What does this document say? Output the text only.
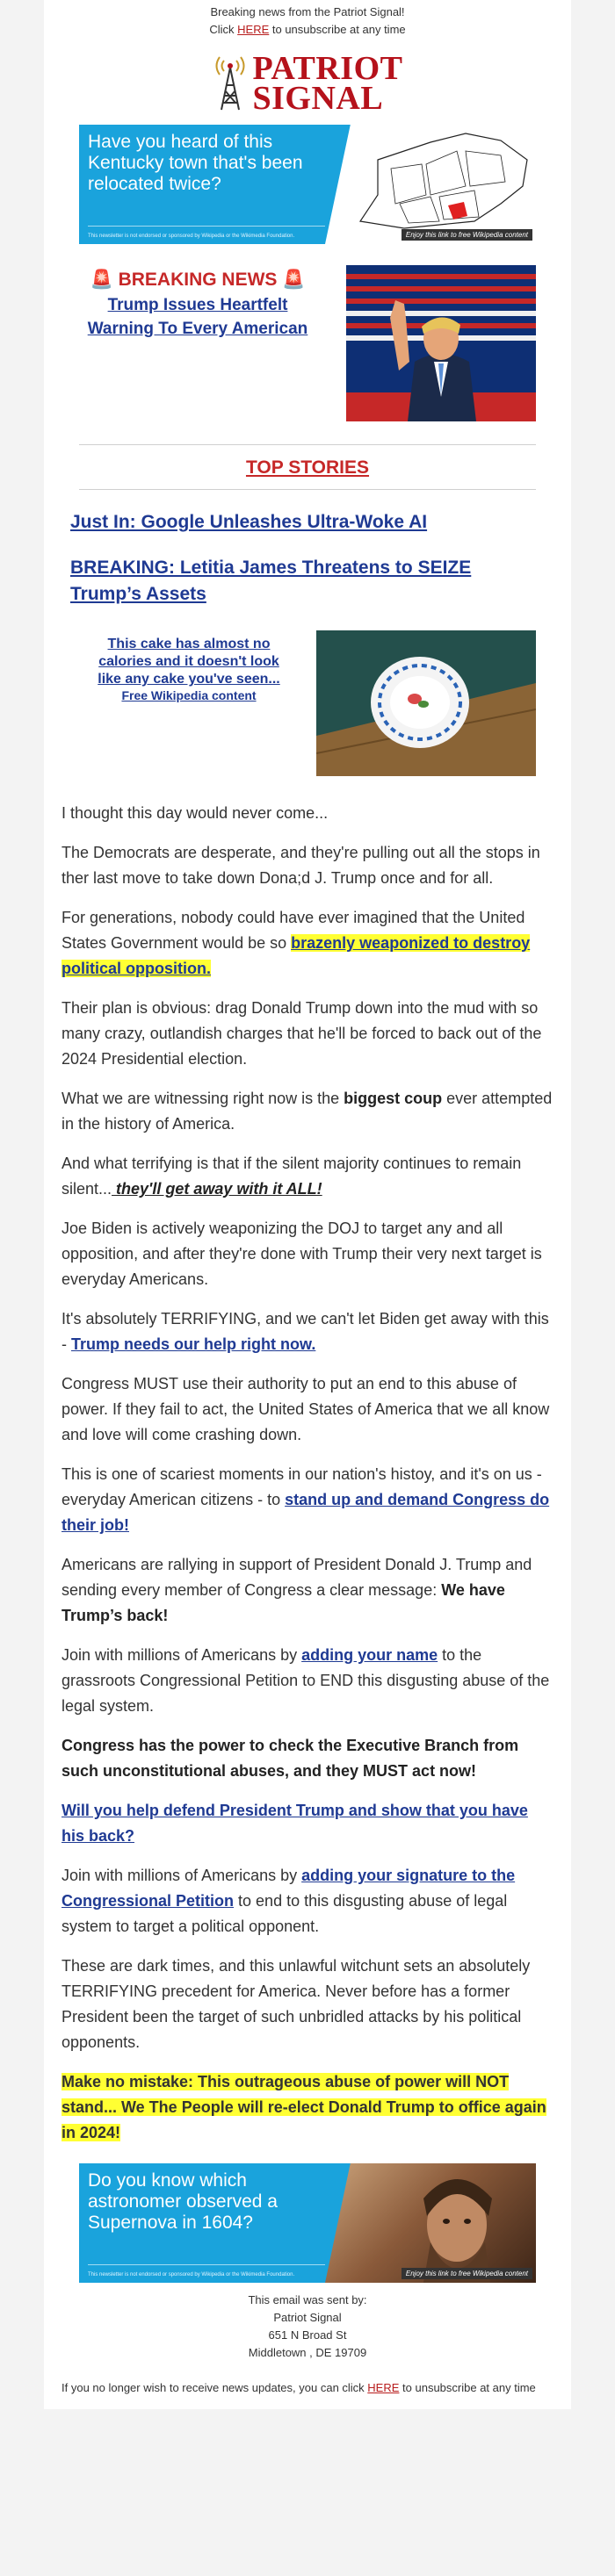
Breaking news from the Patriot Signal!
Click HERE to unsubscribe at any time
PATRIOT
SIGNAL
Have you heard of this Kentucky town that's been relocated twice?
This newsletter is not endorsed or sponsored by Wikipedia or the Wikimedia Foundation.	Enjoy this link to free Wikipedia content
🚨 BREAKING NEWS 🚨
Trump Issues Heartfelt Warning To Every American
TOP STORIES
Just In: Google Unleashes Ultra-Woke AI
BREAKING: Letitia James Threatens to SEIZE Trump’s Assets
This cake has almost no calories and it doesn't look like any cake you've seen...
Free Wikipedia content

I thought this day would never come...

The Democrats are desperate, and they're pulling out all the stops in ther last move to take down Dona;d J. Trump once and for all.

For generations, nobody could have ever imagined that the United States Government would be so brazenly weaponized to destroy political opposition.

Their plan is obvious: drag Donald Trump down into the mud with so many crazy, outlandish charges that he'll be forced to back out of the 2024 Presidential election.

What we are witnessing right now is the biggest coup ever attempted in the history of America.

And what terrifying is that if the silent majority continues to remain silent... they'll get away with it ALL!

Joe Biden is actively weaponizing the DOJ to target any and all opposition, and after they're done with Trump their very next target is everyday Americans.

It's absolutely TERRIFYING, and we can't let Biden get away with this - Trump needs our help right now.

Congress MUST use their authority to put an end to this abuse of power. If they fail to act, the United States of America that we all know and love will come crashing down.

This is one of scariest moments in our nation's histoy, and it's on us - everyday American citizens - to stand up and demand Congress do their job!

Americans are rallying in support of President Donald J. Trump and sending every member of Congress a clear message: We have Trump’s back!

Join with millions of Americans by adding your name to the grassroots Congressional Petition to END this disgusting abuse of the legal system.

Congress has the power to check the Executive Branch from such unconstitutional abuses, and they MUST act now!

Will you help defend President Trump and show that you have his back?

Join with millions of Americans by adding your signature to the Congressional Petition to end to this disgusting abuse of legal system to target a political opponent.

These are dark times, and this unlawful witchunt sets an absolutely TERRIFYING precedent for America. Never before has a former President been the target of such unbridled attacks by his political opponents.

Make no mistake: This outrageous abuse of power will NOT stand... We The People will re-elect Donald Trump to office again in 2024!

Do you know which astronomer observed a Supernova in 1604?
This newsletter is not endorsed or sponsored by Wikipedia or the Wikimedia Foundation.	Enjoy this link to free Wikipedia content
This email was sent by:
Patriot Signal
651 N Broad St
Middletown , DE 19709
If you no longer wish to receive news updates, you can click HERE to unsubscribe at any time
